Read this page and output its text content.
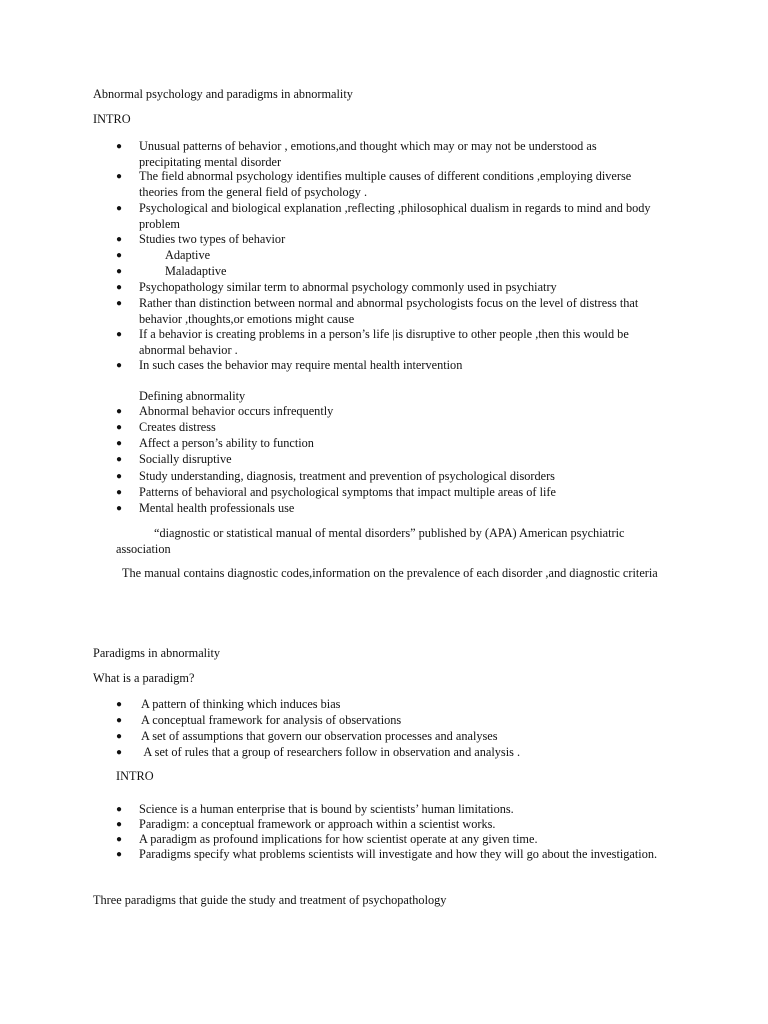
Abnormal psychology and paradigms in abnormality
INTRO
●	Unusual patterns of behavior , emotions,and thought which may or may not be understood as precipitating mental disorder
●	The field abnormal psychology identifies multiple causes of different conditions ,employing diverse theories from the general field of psychology .
●	Psychological and biological explanation ,reflecting ,philosophical dualism in regards to mind and body problem
●	Studies two types of behavior
●	Adaptive
●	Maladaptive
●	Psychopathology similar term to abnormal psychology commonly used in psychiatry
●	Rather than distinction between normal and abnormal psychologists focus on the level of distress that behavior ,thoughts,or emotions might cause
●	If a behavior is creating problems in a person’s life |is disruptive to other people ,then this would be abnormal behavior .
●	In such cases the behavior may require mental health intervention
Defining abnormality
●	Abnormal behavior occurs infrequently
●	Creates distress
●	Affect a person’s ability to function
●	Socially disruptive
●	Study understanding, diagnosis, treatment and prevention of psychological disorders
●	Patterns of behavioral and psychological symptoms that impact multiple areas of life
●	Mental health professionals use
“diagnostic or statistical manual of mental disorders” published by (APA) American psychiatric association
The manual contains diagnostic codes,information on the prevalence of each disorder ,and diagnostic criteria
Paradigms in abnormality
What is a paradigm?
●	A pattern of thinking which induces bias
●	A conceptual framework for analysis of observations
●	A set of assumptions that govern our observation processes and analyses
●	A set of rules that a group of researchers follow in observation and analysis .
INTRO
●	Science is a human enterprise that is bound by scientists’ human limitations.
●	Paradigm: a conceptual framework or approach within a scientist works.
●	A paradigm as profound implications for how scientist operate at any given time.
●	Paradigms specify what problems scientists will investigate and how they will go about the investigation.
Three paradigms that guide the study and treatment of psychopathology
